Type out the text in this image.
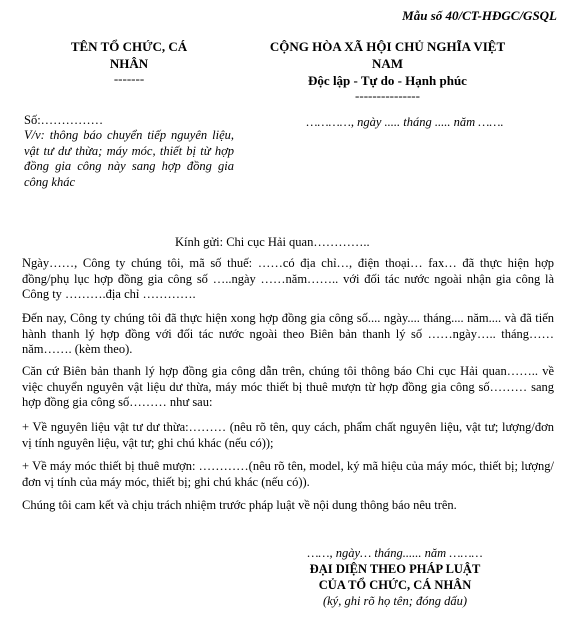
Mẫu số 40/CT-HĐGC/GSQL
TÊN TỔ CHỨC, CÁ
NHÂN
-------
CỘNG HÒA XÃ HỘI CHỦ NGHĨA VIỆT
NAM
Độc lập - Tự do - Hạnh phúc
---------------
Số:……………
V/v: thông báo chuyển tiếp nguyên liệu, vật tư dư thừa; máy móc, thiết bị từ hợp đồng gia công này sang hợp đồng gia công khác
…………, ngày ..... tháng ..... năm …….
Kính gửi: Chi cục Hải quan…………..
Ngày……, Công ty chúng tôi, mã số thuế: ……có địa chỉ…, điện thoại… fax… đã thực hiện hợp đồng/phụ lục hợp đồng gia công số …..ngày ……năm…….. với đối tác nước ngoài nhận gia công là Công ty ……….địa chỉ ………….
Đến nay, Công ty chúng tôi đã thực hiện xong hợp đồng gia công số.... ngày.... tháng.... năm.... và đã tiến hành thanh lý hợp đồng với đối tác nước ngoài theo Biên bản thanh lý số ……ngày….. tháng…… năm……. (kèm theo).
Căn cứ Biên bản thanh lý hợp đồng gia công dẫn trên, chúng tôi thông báo Chi cục Hải quan…….. về việc chuyển nguyên vật liệu dư thừa, máy móc thiết bị thuê mượn từ hợp đồng gia công số……… sang hợp đồng gia công số……… như sau:
+ Về nguyên liệu vật tư dư thừa:……… (nêu rõ tên, quy cách, phẩm chất nguyên liệu, vật tư; lượng/đơn vị tính nguyên liệu, vật tư; ghi chú khác (nếu có));
+ Về máy móc thiết bị thuê mượn: …………(nêu rõ tên, model, ký mã hiệu của máy móc, thiết bị; lượng/đơn vị tính của máy móc, thiết bị; ghi chú khác (nếu có)).
Chúng tôi cam kết và chịu trách nhiệm trước pháp luật về nội dung thông báo nêu trên.
……, ngày… tháng...... năm ………
ĐẠI DIỆN THEO PHÁP LUẬT
CỦA TỔ CHỨC, CÁ NHÂN
(ký, ghi rõ họ tên; đóng dấu)
